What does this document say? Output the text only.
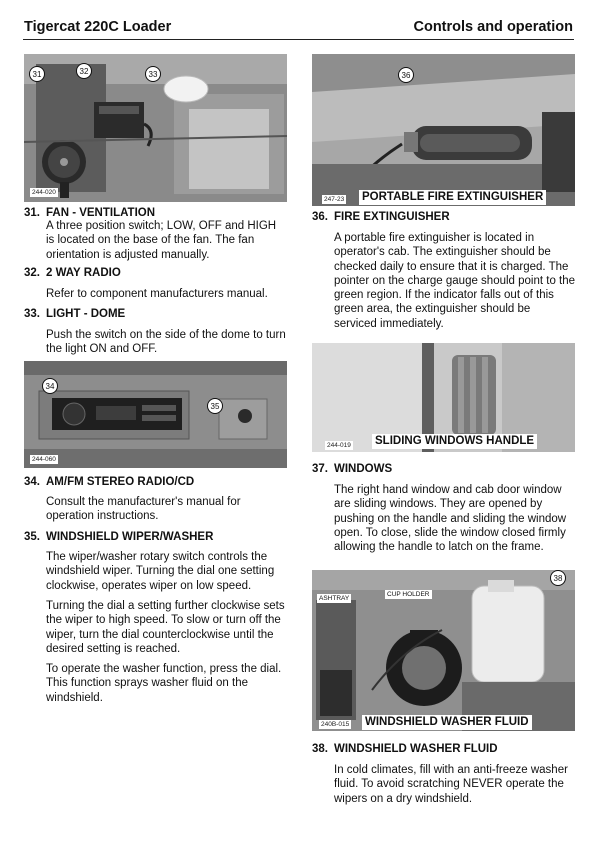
Tigercat 220C Loader	Controls and operation
31	32	33
244-020
31. FAN - VENTILATION
A three position switch; LOW, OFF and HIGH is located on the base of the fan. The fan orientation is adjusted manually.
32. 2 WAY RADIO
Refer to component manufacturers manual.
33. LIGHT - DOME
Push the switch on the side of the dome to turn the light ON and OFF.
34
35
244-060
34. AM/FM STEREO RADIO/CD
Consult the manufacturer's manual for operation instructions.
35. WINDSHIELD WIPER/WASHER
The wiper/washer rotary switch controls the windshield wiper. Turning the dial one setting clockwise, operates wiper on low speed.
Turning the dial a setting further clockwise sets the wiper to high speed. To slow or turn off the wiper, turn the dial counterclockwise until the desired setting is reached.
To operate the washer function, press the dial. This function sprays washer fluid on the windshield.
36
247-23 PORTABLE FIRE EXTINGUISHER
36. FIRE EXTINGUISHER
A portable fire extinguisher is located in operator's cab. The extinguisher should be checked daily to ensure that it is charged. The pointer on the charge gauge should point to the green region. If the indicator falls out of this green area, the extinguisher should be serviced immediately.
244-019 SLIDING WINDOWS HANDLE
37. WINDOWS
The right hand window and cab door window are sliding windows. They are opened by pushing on the handle and sliding the window open. To close, slide the window closed firmly allowing the handle to latch on the frame.
ASHTRAY
CUP HOLDER
38
240B-015 WINDSHIELD WASHER FLUID
38. WINDSHIELD WASHER FLUID
In cold climates, fill with an anti-freeze washer fluid. To avoid scratching NEVER operate the wipers on a dry windshield.
